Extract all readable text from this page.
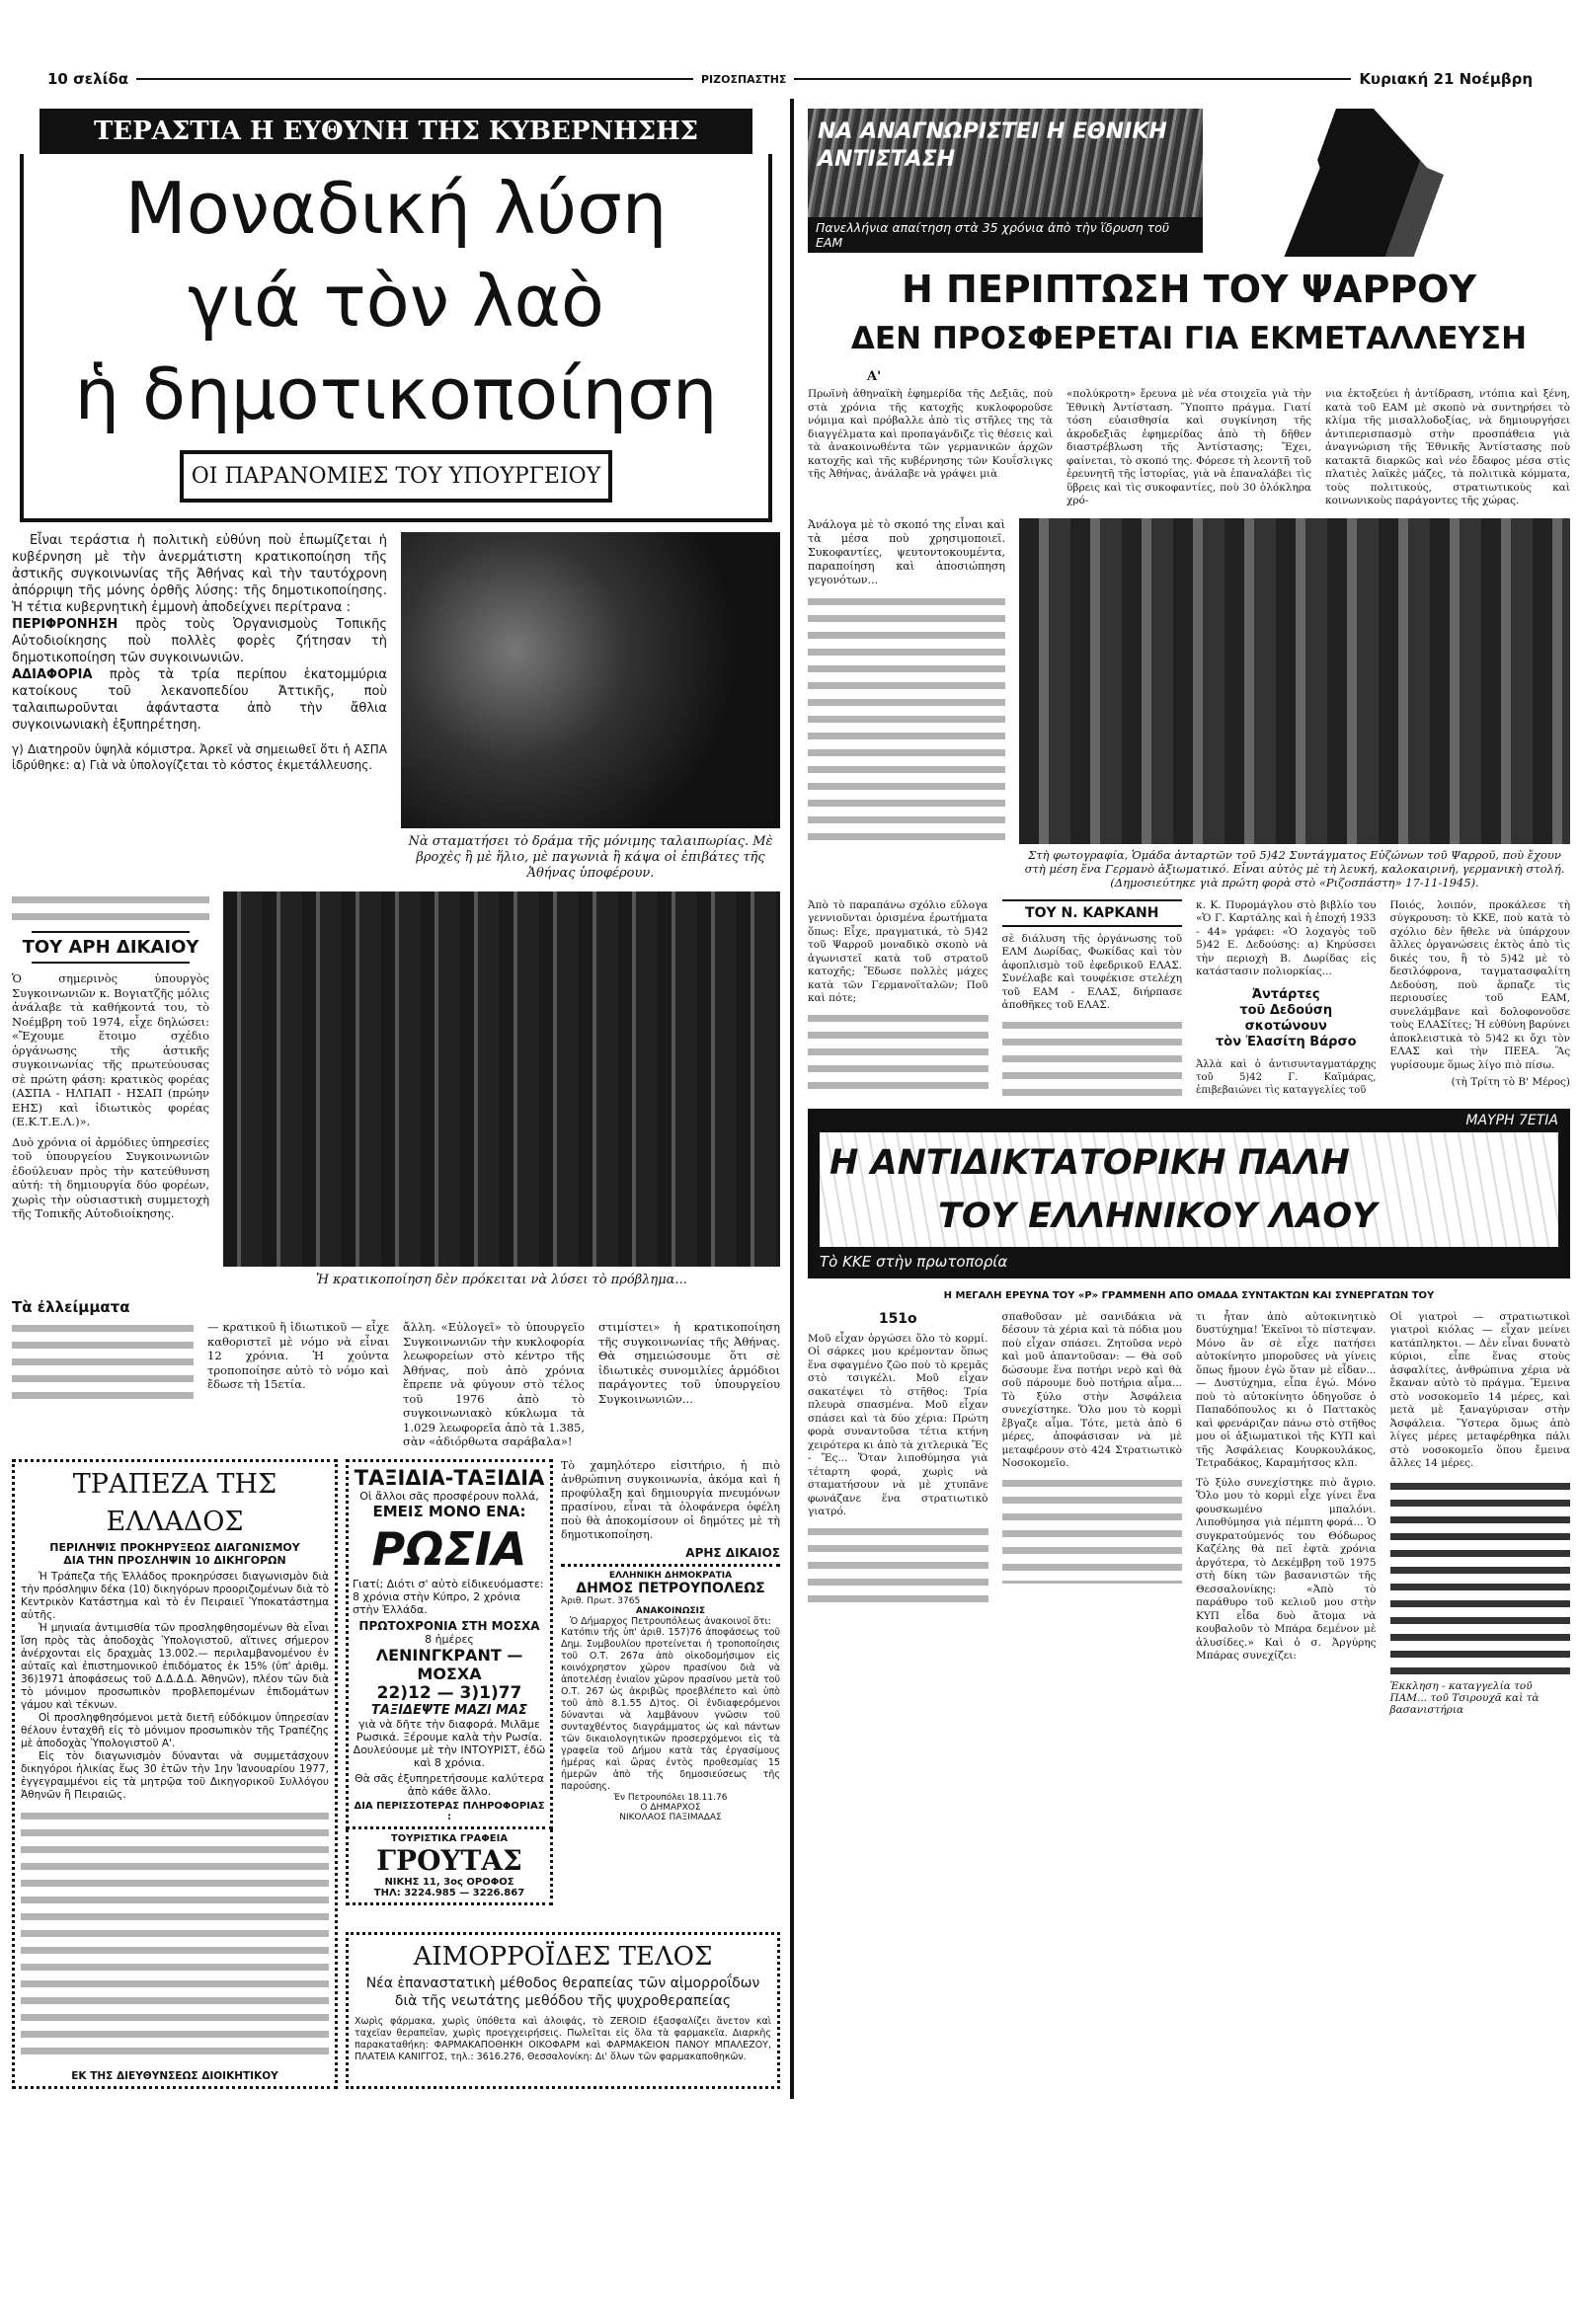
10 σελίδα	ΡΙΖΟΣΠΑΣΤΗΣ	Κυριακή 21 Νοέμβρη
ΤΕΡΑΣΤΙΑ Η ΕΥΘΥΝΗ ΤΗΣ ΚΥΒΕΡΝΗΣΗΣ
Μοναδική λύση
γιά τὸν λαὸ
ἡ δημοτικοποίηση
ΟΙ ΠΑΡΑΝΟΜΙΕΣ ΤΟΥ ΥΠΟΥΡΓΕΙΟΥ
Εἶναι τεράστια ἡ πολιτικὴ εὐθύνη ποὺ ἐπωμίζεται ἡ κυβέρνηση μὲ τὴν ἀνερμάτιστη κρατικοποίηση τῆς ἀστικῆς συγκοινωνίας τῆς Ἀθήνας καὶ τὴν ταυτόχρονη ἀπόρριψη τῆς μόνης ὀρθῆς λύσης: τῆς δημοτικοποίησης. Ἡ τέτια κυβερνητικὴ ἐμμονὴ ἀποδείχνει περίτρανα :
ΠΕΡΙΦΡΟΝΗΣΗ πρὸς τοὺς Ὀργανισμοὺς Τοπικῆς Αὐτοδιοίκησης ποὺ πολλὲς φορὲς ζήτησαν τὴ δημοτικοποίηση τῶν συγκοινωνιῶν.
ΑΔΙΑΦΟΡΙΑ πρὸς τὰ τρία περίπου ἑκατομμύρια κατοίκους τοῦ λεκανοπεδίου Ἀττικῆς, ποὺ ταλαιπωροῦνται ἀφάνταστα ἀπὸ τὴν ἄθλια συγκοινωνιακὴ ἐξυπηρέτηση.
γ) Διατηροῦν ὑψηλὰ κόμιστρα. Ἀρκεῖ νὰ σημειωθεῖ ὅτι ἡ ΑΣΠΑ ἱδρύθηκε: α) Γιὰ νὰ ὑπολογίζεται τὸ κόστος ἐκμετάλλευσης.
Νὰ σταματήσει τὸ δράμα τῆς μόνιμης ταλαιπωρίας. Μὲ βροχὲς ἢ μὲ ἥλιο, μὲ παγωνιὰ ἢ κάψα οἱ ἐπιβάτες τῆς Ἀθήνας ὑποφέρουν.
ΤΟΥ ΑΡΗ ΔΙΚΑΙΟΥ
Ὁ σημερινὸς ὑπουργὸς Συγκοινωνιῶν κ. Βογιατζῆς μόλις ἀνάλαβε τὰ καθήκοντά του, τὸ Νοέμβρη τοῦ 1974, εἶχε δηλώσει: «Ἔχουμε ἕτοιμο σχέδιο ὀργάνωσης τῆς ἀστικῆς συγκοινωνίας τῆς πρωτεύουσας σὲ πρώτη φάση: κρατικὸς φορέας (ΑΣΠΑ - ΗΛΠΑΠ - ΗΣΑΠ (πρώην ΕΗΣ) καὶ ἰδιωτικὸς φορέας (Ε.Κ.Τ.Ε.Λ.)».
Δυὸ χρόνια οἱ ἀρμόδιες ὑπηρεσίες τοῦ ὑπουργείου Συγκοινωνιῶν ἐδούλευαν πρὸς τὴν κατεύθυνση αὐτή: τὴ δημιουργία δύο φορέων, χωρὶς τὴν οὐσιαστικὴ συμμετοχὴ τῆς Τοπικῆς Αὐτοδιοίκησης.
Ἡ κρατικοποίηση δὲν πρόκειται νὰ λύσει τὸ πρόβλημα...
Τὰ ἐλλείμματα
— κρατικοῦ ἢ ἰδιωτικοῦ — εἶχε καθοριστεῖ μὲ νόμο νὰ εἶναι 12 χρόνια. Ἡ χούντα τροποποίησε αὐτὸ τὸ νόμο καὶ ἔδωσε τὴ 15ετία.
ἄλλη. «Εὐλογεῖ» τὸ ὑπουργεῖο Συγκοινωνιῶν τὴν κυκλοφορία λεωφορείων στὸ κέντρο τῆς Ἀθήνας, ποὺ ἀπὸ χρόνια ἔπρεπε νὰ φύγουν στὸ τέλος τοῦ 1976 ἀπὸ τὸ συγκοινωνιακὸ κύκλωμα τὰ 1.029 λεωφορεῖα ἀπὸ τὰ 1.385, σὰν «ἀδιόρθωτα σαράβαλα»!
στιμίστει» ἡ κρατικοποίηση τῆς συγκοινωνίας τῆς Ἀθήνας. Θὰ σημειώσουμε ὅτι σὲ ἰδιωτικὲς συνομιλίες ἁρμόδιοι παράγοντες τοῦ ὑπουργείου Συγκοινωνιῶν...
ΤΡΑΠΕΖΑ ΤΗΣ ΕΛΛΑΔΟΣ
ΠΕΡΙΛΗΨΙΣ ΠΡΟΚΗΡΥΞΕΩΣ ΔΙΑΓΩΝΙΣΜΟΥ
ΔΙΑ ΤΗΝ ΠΡΟΣΛΗΨΙΝ 10 ΔΙΚΗΓΟΡΩΝ
Ἡ Τράπεζα τῆς Ἑλλάδος προκηρύσσει διαγωνισμὸν διὰ τὴν πρόσληψιν δέκα (10) δικηγόρων προοριζομένων διὰ τὸ Κεντρικὸν Κατάστημα καὶ τὸ ἐν Πειραιεῖ Ὑποκατάστημα αὐτῆς.
Ἡ μηνιαία ἀντιμισθία τῶν προσληφθησομένων θὰ εἶναι ἴση πρὸς τὰς ἀποδοχὰς Ὑπολογιστοῦ, αἵτινες σήμερον ἀνέρχονται εἰς δραχμὰς 13.002.— περιλαμβανομένου ἐν αὐταῖς καὶ ἐπιστημονικοῦ ἐπιδόματος ἐκ 15% (ὑπ' ἀριθμ. 36)1971 ἀποφάσεως τοῦ Δ.Δ.Δ.Δ. Ἀθηνῶν), πλέον τῶν διὰ τὸ μόνιμον προσωπικὸν προβλεπομένων ἐπιδομάτων γάμου καὶ τέκνων.
Οἱ προσληφθησόμενοι μετὰ διετῆ εὐδόκιμον ὑπηρεσίαν θέλουν ἐνταχθῆ εἰς τὸ μόνιμον προσωπικὸν τῆς Τραπέζης μὲ ἀποδοχὰς Ὑπολογιστοῦ Α'.
Εἰς τὸν διαγωνισμὸν δύνανται νὰ συμμετάσχουν δικηγόροι ἡλικίας ἕως 30 ἐτῶν τὴν 1ην Ἰανουαρίου 1977, ἐγγεγραμμένοι εἰς τὰ μητρῷα τοῦ Δικηγορικοῦ Συλλόγου Ἀθηνῶν ἢ Πειραιῶς.
ΕΚ ΤΗΣ ΔΙΕΥΘΥΝΣΕΩΣ ΔΙΟΙΚΗΤΙΚΟΥ
ΤΑΞΙΔΙΑ-ΤΑΞΙΔΙΑ
Οἱ ἄλλοι σᾶς προσφέρουν πολλά,
ΕΜΕΙΣ ΜΟΝΟ ΕΝΑ:
ΡΩΣΙΑ
Γιατί; Διότι σ' αὐτὸ εἰδικευόμαστε: 8 χρόνια στὴν Κύπρο, 2 χρόνια στὴν Ἑλλάδα.
ΠΡΩΤΟΧΡΟΝΙΑ ΣΤΗ ΜΟΣΧΑ
8 ἡμέρες
ΛΕΝΙΝΓΚΡΑΝΤ — ΜΟΣΧΑ
22)12 — 3)1)77
ΤΑΞΙΔΕΨΤΕ ΜΑΖΙ ΜΑΣ
γιὰ νὰ δῆτε τὴν διαφορά. Μιλᾶμε Ρωσικά. Ξέρουμε καλὰ τὴν Ρωσία. Δουλεύουμε μὲ τὴν ΙΝΤΟΥΡΙΣΤ, ἐδῶ καὶ 8 χρόνια.
Θὰ σᾶς ἐξυπηρετήσουμε καλύτερα ἀπὸ κάθε ἄλλο.
ΔΙΑ ΠΕΡΙΣΣΟΤΕΡΑΣ ΠΛΗΡΟΦΟΡΙΑΣ :
ΤΟΥΡΙΣΤΙΚΑ ΓΡΑΦΕΙΑ
ΓΡΟΥΤΑΣ
ΝΙΚΗΣ 11, 3ος ΟΡΟΦΟΣ
ΤΗΛ: 3224.985 — 3226.867
Τὸ χαμηλότερο εἰσιτήριο, ἡ πιὸ ἀνθρώπινη συγκοινωνία, ἀκόμα καὶ ἡ προφύλαξη καὶ δημιουργία πνευμόνων πρασίνου, εἶναι τὰ ὁλοφάνερα ὀφέλη ποὺ θὰ ἀποκομίσουν οἱ δημότες μὲ τὴ δημοτικοποίηση.
ΑΡΗΣ ΔΙΚΑΙΟΣ
ΕΛΛΗΝΙΚΗ ΔΗΜΟΚΡΑΤΙΑ
ΔΗΜΟΣ ΠΕΤΡΟΥΠΟΛΕΩΣ
Ἀριθ. Πρωτ. 3765
ΑΝΑΚΟΙΝΩΣΙΣ
Ὁ Δήμαρχος Πετρουπόλεως ἀνακοινοῖ ὅτι:
Κατόπιν τῆς ὑπ' ἀριθ. 157)76 ἀποφάσεως τοῦ Δημ. Συμβουλίου προτείνεται ἡ τροποποίησις τοῦ Ο.Τ. 267α ἀπὸ οἰκοδομήσιμον εἰς κοινόχρηστον χῶρον πρασίνου διὰ νὰ ἀποτελέσῃ ἑνιαῖον χῶρον πρασίνου μετὰ τοῦ Ο.Τ. 267 ὡς ἀκριβῶς προεβλέπετο καὶ ὑπὸ τοῦ ἀπὸ 8.1.55 Δ)τος. Οἱ ἐνδιαφερόμενοι δύνανται νὰ λαμβάνουν γνῶσιν τοῦ συνταχθέντος διαγράμματος ὡς καὶ πάντων τῶν δικαιολογητικῶν προσερχόμενοι εἰς τὰ γραφεῖα τοῦ Δήμου κατὰ τὰς ἐργασίμους ἡμέρας καὶ ὥρας ἐντὸς προθεσμίας 15 ἡμερῶν ἀπὸ τῆς δημοσιεύσεως τῆς παρούσης.
Ἐν Πετρουπόλει 18.11.76
Ο ΔΗΜΑΡΧΟΣ
ΝΙΚΟΛΑΟΣ ΠΑΞΙΜΑΔΑΣ
ΑΙΜΟΡΡΟΪΔΕΣ ΤΕΛΟΣ
Νέα ἐπαναστατικὴ μέθοδος θεραπείας τῶν αἱμορροΐδων διὰ τῆς νεωτάτης μεθόδου τῆς ψυχροθεραπείας
Χωρὶς φάρμακα, χωρὶς ὑπόθετα καὶ ἀλοιφάς, τὸ ZEROID ἐξασφαλίζει ἄνετον καὶ ταχεῖαν θεραπεῖαν, χωρὶς προεγχειρήσεις. Πωλεῖται εἰς ὅλα τὰ φαρμακεῖα. Διαρκὴς παρακαταθήκη: ΦΑΡΜΑΚΑΠΟΘΗΚΗ ΟΙΚΟΦΑΡΜ καὶ ΦΑΡΜΑΚΕΙΟΝ ΠΑΝΟΥ ΜΠΑΛΕΖΟΥ, ΠΛΑΤΕΙΑ ΚΑΝΙΓΓΟΣ, τηλ.: 3616.276, Θεσσαλονίκη: Δι' ὅλων τῶν φαρμακαποθηκῶν.
ΝΑ ΑΝΑΓΝΩΡΙΣΤΕΙ Η ΕΘΝΙΚΗ ΑΝΤΙΣΤΑΣΗ
Πανελλήνια απαίτηση στὰ 35 χρόνια ἀπὸ τὴν ἵδρυση τοῦ ΕΑΜ
Η ΠΕΡΙΠΤΩΣΗ ΤΟΥ ΨΑΡΡΟΥ
ΔΕΝ ΠΡΟΣΦΕΡΕΤΑΙ ΓΙΑ ΕΚΜΕΤΑΛΛΕΥΣΗ
Α'
Πρωϊνὴ ἀθηναϊκὴ ἐφημερίδα τῆς Δεξιᾶς, ποὺ στὰ χρόνια τῆς κατοχῆς κυκλοφοροῦσε νόμιμα καὶ πρόβαλλε ἀπὸ τὶς στῆλες της τὰ διαγγέλματα καὶ προπαγάνδιζε τὶς θέσεις καὶ τὰ ἀνακοινωθέντα τῶν γερμανικῶν ἀρχῶν κατοχῆς καὶ τῆς κυβέρνησης τῶν Κουΐσλιγκς τῆς Ἀθήνας, ἀνάλαβε νὰ γράψει μιὰ
«πολύκροτη» ἔρευνα μὲ νέα στοιχεῖα γιὰ τὴν Ἐθνικὴ Ἀντίσταση. Ὕποπτο πράγμα. Γιατί τόση εὐαισθησία καὶ συγκίνηση τῆς ἀκροδεξιᾶς ἐφημερίδας ἀπὸ τὴ δῆθεν διαστρέβλωση τῆς Ἀντίστασης; Ἔχει, φαίνεται, τὸ σκοπό της. Φόρεσε τὴ λεοντῆ τοῦ ἐρευνητῆ τῆς ἱστορίας, γιὰ νὰ ἐπαναλάβει τὶς ὕβρεις καὶ τὶς συκοφαντίες, ποὺ 30 ὁλόκληρα χρό-
νια ἐκτοξεύει ἡ ἀντίδραση, ντόπια καὶ ξένη, κατὰ τοῦ ΕΑΜ μὲ σκοπὸ νὰ συντηρήσει τὸ κλίμα τῆς μισαλλοδοξίας, νὰ δημιουργήσει ἀντιπερισπασμὸ στὴν προσπάθεια γιὰ ἀναγνώριση τῆς Ἐθνικῆς Ἀντίστασης ποὺ κατακτᾶ διαρκῶς καὶ νέο ἔδαφος μέσα στὶς πλατιὲς λαϊκὲς μάζες, τὰ πολιτικὰ κόμματα, τοὺς πολιτικούς, στρατιωτικοὺς καὶ κοινωνικοὺς παράγοντες τῆς χώρας.
Ἀνάλογα μὲ τὸ σκοπό της εἶναι καὶ τὰ μέσα ποὺ χρησιμοποιεῖ. Συκοφαντίες, ψευτοντοκουμέντα, παραποίηση καὶ ἀποσιώπηση γεγονότων...
Στὴ φωτογραφία, Ὁμάδα ἀνταρτῶν τοῦ 5)42 Συντάγματος Εὐζώνων τοῦ Ψαρροῦ, ποὺ ἔχουν στὴ μέση ἕνα Γερμανὸ ἀξιωματικό. Εἶναι αὐτὸς μὲ τὴ λευκή, καλοκαιρινή, γερμανικὴ στολή. (Δημοσιεύτηκε γιὰ πρώτη φορὰ στὸ «Ριζοσπάστη» 17-11-1945).
Ἀπὸ τὸ παραπάνω σχόλιο εὔλογα γεννιοῦνται ὁρισμένα ἐρωτήματα ὅπως: Εἶχε, πραγματικά, τὸ 5)42 τοῦ Ψαρροῦ μοναδικὸ σκοπὸ νὰ ἀγωνιστεῖ κατὰ τοῦ στρατοῦ κατοχῆς; Ἔδωσε πολλὲς μάχες κατὰ τῶν Γερμανοϊταλῶν; Ποῦ καὶ πότε;
ΤΟΥ Ν. ΚΑΡΚΑΝΗ
σὲ διάλυση τῆς ὀργάνωσης τοῦ ΕΛΜ Δωρίδας, Φωκίδας καὶ τὸν ἀφοπλισμὸ τοῦ ἐφεδρικοῦ ΕΛΑΣ. Συνέλαβε καὶ τουφέκισε στελέχη τοῦ ΕΑΜ - ΕΛΑΣ, διήρπασε ἀποθῆκες τοῦ ΕΛΑΣ.
κ. Κ. Πυρομάγλου στὸ βιβλίο του «Ὁ Γ. Καρτάλης καὶ ἡ ἐποχή 1933 - 44» γράφει: «Ὁ λοχαγὸς τοῦ 5)42 Ε. Δεδούσης: α) Κηρύσσει τὴν περιοχὴ Β. Δωρίδας εἰς κατάστασιν πολιορκίας...
Ἀντάρτες
τοῦ Δεδούση
σκοτώνουν
τὸν Ἐλασίτη Βάρσο
Ἀλλὰ καὶ ὁ ἀντισυνταγματάρχης τοῦ 5)42 Γ. Καϊμάρας, ἐπιβεβαιώνει τὶς καταγγελίες τοῦ
Ποιός, λοιπόν, προκάλεσε τὴ σύγκρουση: τὸ ΚΚΕ, ποὺ κατὰ τὸ σχόλιο δὲν ἤθελε νὰ ὑπάρχουν ἄλλες ὀργανώσεις ἐκτὸς ἀπὸ τὶς δικές του, ἢ τὸ 5)42 μὲ τὸ δεσιλόφρονα, ταγματασφαλίτη Δεδούση, ποὺ ἅρπαζε τὶς περιουσίες τοῦ ΕΑΜ, συνελάμβανε καὶ δολοφονοῦσε τοὺς ΕΛΑΣίτες; Ἡ εὐθύνη βαρύνει ἀποκλειστικὰ τὸ 5)42 κι ὄχι τὸν ΕΛΑΣ καὶ τὴν ΠΕΕΑ. Ἂς γυρίσουμε ὅμως λίγο πιὸ πίσω.
(τὴ Τρίτη τὸ Β' Μέρος)
ΜΑΥΡΗ 7ΕΤΙΑ
Η ΑΝΤΙΔΙΚΤΑΤΟΡΙΚΗ ΠΑΛΗ
ΤΟΥ ΕΛΛΗΝΙΚΟΥ ΛΑΟΥ
Τὸ ΚΚΕ στὴν πρωτοπορία
Η ΜΕΓΑΛΗ ΕΡΕΥΝΑ ΤΟΥ «Ρ» ΓΡΑΜΜΕΝΗ ΑΠΟ ΟΜΑΔΑ ΣΥΝΤΑΚΤΩΝ ΚΑΙ ΣΥΝΕΡΓΑΤΩΝ ΤΟΥ
151ο
Μοῦ εἶχαν ὀργώσει ὅλο τὸ κορμί. Οἱ σάρκες μου κρέμονταν ὅπως ἕνα σφαγμένο ζῶο ποὺ τὸ κρεμᾶς στὸ τσιγκέλι. Μοῦ εἶχαν σακατέψει τὸ στῆθος: Τρία πλευρὰ σπασμένα. Μοῦ εἶχαν σπάσει καὶ τὰ δύο χέρια: Πρώτη φορὰ συναντοῦσα τέτια κτήνη χειρότερα κι ἀπὸ τὰ χιτλερικὰ Ἔς - Ἔς... Ὅταν λιποθύμησα γιὰ τέταρτη φορά, χωρὶς νὰ σταματήσουν νὰ μὲ χτυπᾶνε φωνάζανε ἕνα στρατιωτικὸ γιατρό.
σπαθοῦσαν μὲ σανιδάκια νὰ δέσουν τὰ χέρια καὶ τὰ πόδια μου ποὺ εἶχαν σπάσει. Ζητοῦσα νερὸ καὶ μοῦ ἀπαντοῦσαν: — Θὰ σοῦ δώσουμε ἕνα ποτήρι νερὸ καὶ θὰ σοῦ πάρουμε δυὸ ποτήρια αἷμα... Τὸ ξύλο στὴν Ἀσφάλεια συνεχίστηκε. Ὅλο μου τὸ κορμὶ ἔβγαζε αἷμα. Τότε, μετὰ ἀπὸ 6 μέρες, ἀποφάσισαν νὰ μὲ μεταφέρουν στὸ 424 Στρατιωτικὸ Νοσοκομεῖο.
τι ἦταν ἀπὸ αὐτοκινητικὸ δυστύχημα! Ἐκεῖνοι τὸ πίστεψαν. Μόνο ἂν σὲ εἶχε πατήσει αὐτοκίνητο μποροῦσες νὰ γίνεις ὅπως ἤμουν ἐγὼ ὅταν μὲ εἶδαν... — Δυστύχημα, εἶπα ἐγώ. Μόνο ποὺ τὸ αὐτοκίνητο ὁδηγοῦσε ὁ Παπαδόπουλος κι ὁ Παττακὸς καὶ φρενάριζαν πάνω στὸ στῆθος μου οἱ ἀξιωματικοὶ τῆς ΚΥΠ καὶ τῆς Ἀσφάλειας Κουρκουλάκος, Τετραδάκος, Καραμήτσος κλπ.
Τὸ ξύλο συνεχίστηκε πιὸ ἄγριο. Ὅλο μου τὸ κορμὶ εἶχε γίνει ἕνα φουσκωμένο μπαλόνι. Λιποθύμησα γιὰ πέμπτη φορά... Ὁ συγκρατούμενός του Θόδωρος Καζέλης θὰ πεῖ ἑφτὰ χρόνια ἀργότερα, τὸ Δεκέμβρη τοῦ 1975 στὴ δίκη τῶν βασανιστῶν τῆς Θεσσαλονίκης: «Ἀπὸ τὸ παράθυρο τοῦ κελιοῦ μου στὴν ΚΥΠ εἶδα δυὸ ἄτομα νὰ κουβαλοῦν τὸ Μπάρα δεμένον μὲ ἁλυσίδες.» Καὶ ὁ σ. Ἀργύρης Μπάρας συνεχίζει:
Οἱ γιατροὶ — στρατιωτικοὶ γιατροὶ κιόλας — εἶχαν μείνει κατάπληκτοι. — Δὲν εἶναι δυνατὸ κύριοι, εἶπε ἕνας στοὺς ἀσφαλίτες, ἀνθρώπινα χέρια νὰ ἔκαναν αὐτὸ τὸ πράγμα. Ἔμεινα στὸ νοσοκομεῖο 14 μέρες, καὶ μετὰ μὲ ξαναγύρισαν στὴν Ἀσφάλεια. Ὕστερα ὅμως ἀπὸ λίγες μέρες μεταφέρθηκα πάλι στὸ νοσοκομεῖο ὅπου ἔμεινα ἄλλες 14 μέρες.
Ἐκκληση - καταγγελία τοῦ ΠΑΜ... τοῦ Τσιρουχᾶ καὶ τὰ βασανιστήρια
